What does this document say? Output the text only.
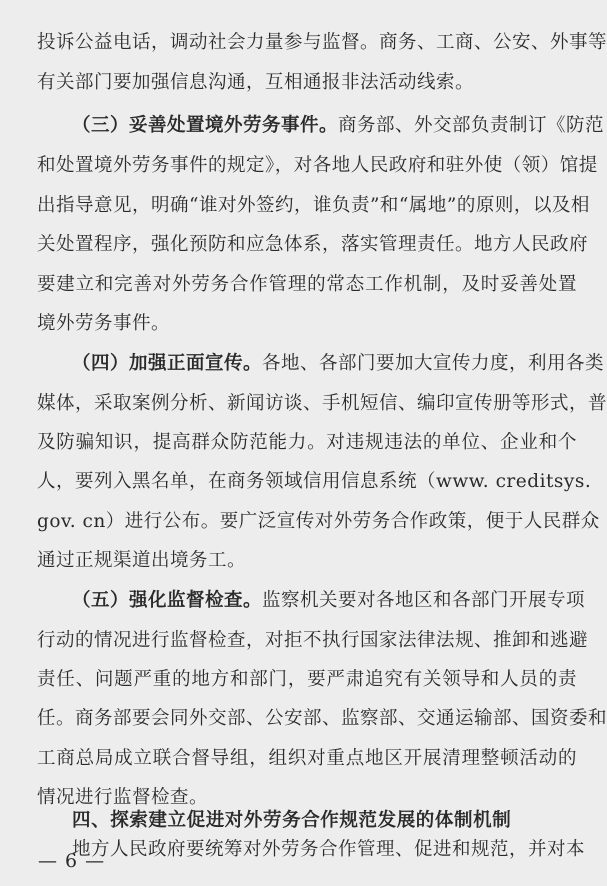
投诉公益电话，调动社会力量参与监督。商务、工商、公安、外事等
有关部门要加强信息沟通，互相通报非法活动线索。
（三）妥善处置境外劳务事件。商务部、外交部负责制订《防范
和处置境外劳务事件的规定》，对各地人民政府和驻外使（领）馆提
出指导意见，明确“谁对外签约，谁负责”和“属地”的原则，以及相
关处置程序，强化预防和应急体系，落实管理责任。地方人民政府
要建立和完善对外劳务合作管理的常态工作机制，及时妥善处置
境外劳务事件。
（四）加强正面宣传。各地、各部门要加大宣传力度，利用各类
媒体，采取案例分析、新闻访谈、手机短信、编印宣传册等形式，普
及防骗知识，提高群众防范能力。对违规违法的单位、企业和个
人，要列入黑名单，在商务领域信用信息系统（www. creditsys.
gov. cn）进行公布。要广泛宣传对外劳务合作政策，便于人民群众
通过正规渠道出境务工。
（五）强化监督检查。监察机关要对各地区和各部门开展专项
行动的情况进行监督检查，对拒不执行国家法律法规、推卸和逃避
责任、问题严重的地方和部门，要严肃追究有关领导和人员的责
任。商务部要会同外交部、公安部、监察部、交通运输部、国资委和
工商总局成立联合督导组，组织对重点地区开展清理整顿活动的
情况进行监督检查。
四、探索建立促进对外劳务合作规范发展的体制机制
地方人民政府要统筹对外劳务合作管理、促进和规范，并对本
— 6 —
